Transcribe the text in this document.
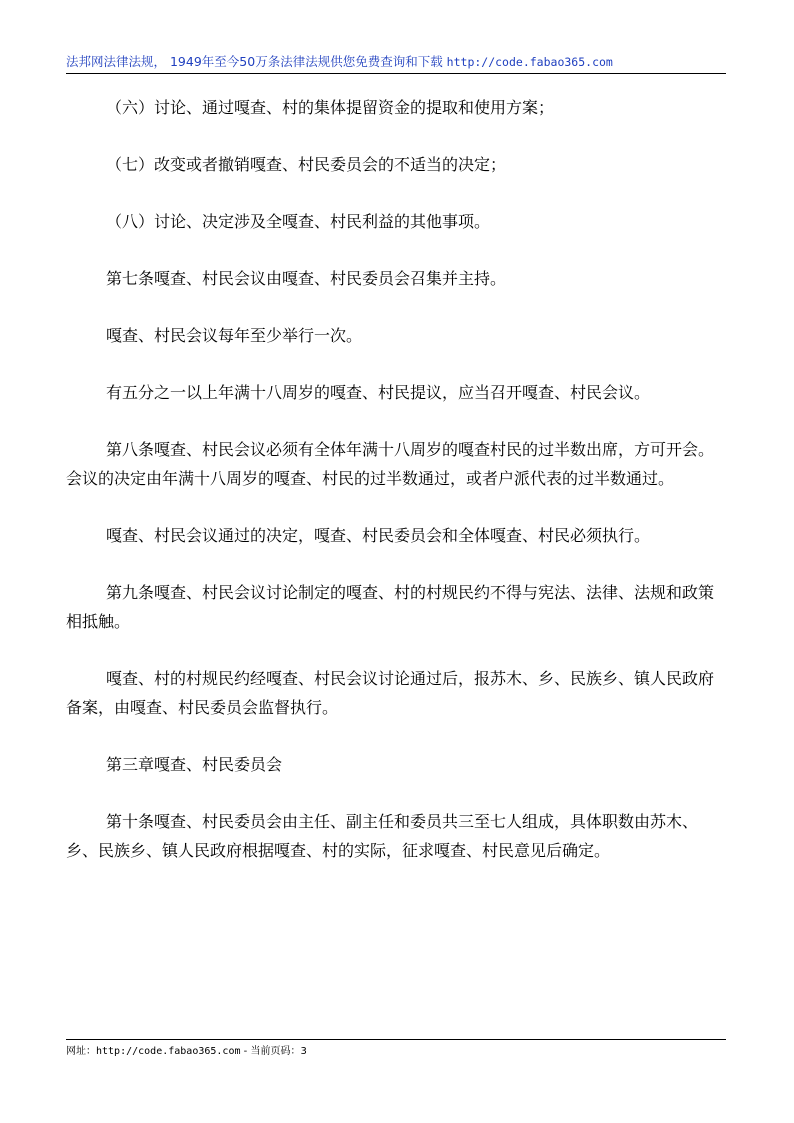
法邦网法律法规， 1949年至今50万条法律法规供您免费查询和下载 http://code.fabao365.com

（六）讨论、通过嘎查、村的集体提留资金的提取和使用方案；

（七）改变或者撤销嘎查、村民委员会的不适当的决定；

（八）讨论、决定涉及全嘎查、村民利益的其他事项。

第七条嘎查、村民会议由嘎查、村民委员会召集并主持。

嘎查、村民会议每年至少举行一次。

有五分之一以上年满十八周岁的嘎查、村民提议，应当召开嘎查、村民会议。

第八条嘎查、村民会议必须有全体年满十八周岁的嘎查村民的过半数出席，方可开会。会议的决定由年满十八周岁的嘎查、村民的过半数通过，或者户派代表的过半数通过。

嘎查、村民会议通过的决定，嘎查、村民委员会和全体嘎查、村民必须执行。

第九条嘎查、村民会议讨论制定的嘎查、村的村规民约不得与宪法、法律、法规和政策相抵触。

嘎查、村的村规民约经嘎查、村民会议讨论通过后，报苏木、乡、民族乡、镇人民政府备案，由嘎查、村民委员会监督执行。

第三章嘎查、村民委员会

第十条嘎查、村民委员会由主任、副主任和委员共三至七人组成，具体职数由苏木、乡、民族乡、镇人民政府根据嘎查、村的实际，征求嘎查、村民意见后确定。

网址：http://code.fabao365.com - 当前页码：3
